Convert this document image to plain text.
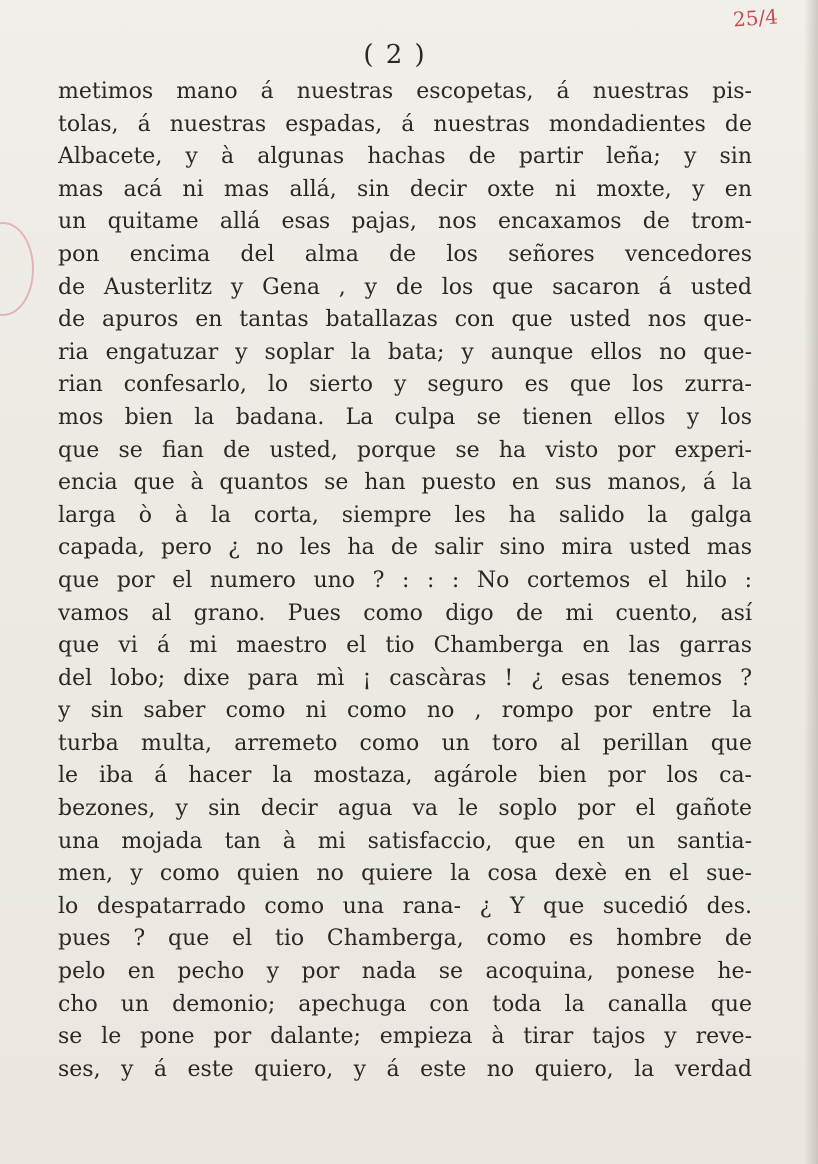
25/4
( 2 )
metimos mano á nuestras escopetas, á nuestras pis-
tolas, á nuestras espadas, á nuestras mondadientes de
Albacete, y à algunas hachas de partir leña; y sin
mas acá ni mas allá, sin decir oxte ni moxte, y en
un quitame allá esas pajas, nos encaxamos de trom-
pon encima del alma de los señores vencedores
de Austerlitz y Gena , y de los que sacaron á usted
de apuros en tantas batallazas con que usted nos que-
ria engatuzar y soplar la bata; y aunque ellos no que-
rian confesarlo, lo sierto y seguro es que los zurra-
mos bien la badana. La culpa se tienen ellos y los
que se fian de usted, porque se ha visto por experi-
encia que à quantos se han puesto en sus manos, á la
larga ò à la corta, siempre les ha salido la galga
capada, pero ¿ no les ha de salir sino mira usted mas
que por el numero uno ? : : : No cortemos el hilo :
vamos al grano. Pues como digo de mi cuento, así
que vi á mi maestro el tio Chamberga en las garras
del lobo; dixe para mì ¡ cascàras ! ¿ esas tenemos ?
y sin saber como ni como no , rompo por entre la
turba multa, arremeto como un toro al perillan que
le iba á hacer la mostaza, agárole bien por los ca-
bezones, y sin decir agua va le soplo por el gañote
una mojada tan à mi satisfaccio, que en un santia-
men, y como quien no quiere la cosa dexè en el sue-
lo despatarrado como una rana- ¿ Y que sucedió des.
pues ? que el tio Chamberga, como es hombre de
pelo en pecho y por nada se acoquina, ponese he-
cho un demonio; apechuga con toda la canalla que
se le pone por dalante; empieza à tirar tajos y reve-
ses, y á este quiero, y á este no quiero, la verdad
